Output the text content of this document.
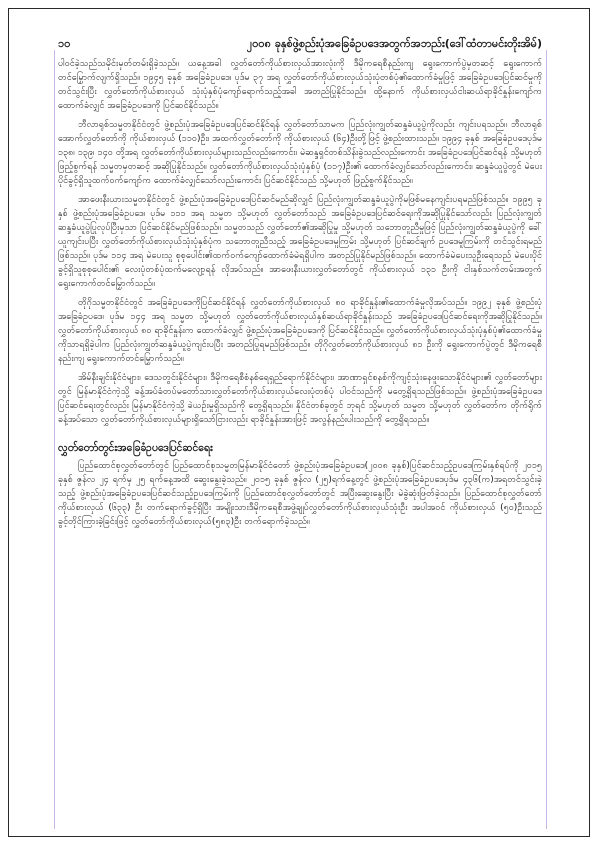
၁၀	၂၀၀၈ ခုနှစ်ဖွဲ့စည်းပုံအခြေခံဥပဒေအတွက်အဘည်း(ဒေါ်ထံတာမင်းတိုးအိမ်)

ပါဝင်ခဲ့သည်သမိုင်းမှတ်တမ်းရှိခဲ့သည်။ ယနေ့အခါ လွှတ်တော်ကိုယ်စားလှယ်အားလုံးကို ဒီမိုကရေစီနည်းကျ ရွေးကောက်ပွဲမှတဆင့် ရွေးကောက်တင်မြှောက်လျက်ရှိသည်။ ၁၉၄၅ ခုနှစ် အခြေခံဥပဒေ၊ ပုဒ်မ ၃၇ အရ လွှတ်တော်ကိုယ်စားလှယ်သုံးပုံတစ်ပုံ၏ထောက်ခံမှုဖြင့် အခြေခံဥပဒေပြင်ဆင်မှုကိုတင်သွင်းပြီး လွှတ်တော်ကိုယ်စားလှယ် သုံးပုံနှစ်ပုံကျော်ရောက်သည့်အခါ အတည်ပြုနိုင်သည်။ ထို့နောက် ကိုယ်စားလှယ်ငါးဆယ်ရာခိုင်နှုန်းကျော်က ထောက်ခံလျှင် အခြေခံဥပဒေကို ပြင်ဆင်နိုင်သည်။

ဘီလာရုစ်သမ္မတနိုင်ငံတွင် ဖွဲ့စည်းပုံအခြေခံဥပဒေပြင်ဆင်နိုင်ရန် လွှတ်တော်သာမက ပြည်လုံးကျွတ်ဆန္ဒခံယူပွဲကိုလည်း ကျင်းပရသည်။ ဘီလာရုစ်အောက်လွှတ်တော်ကို ကိုယ်စားလှယ် (၁၁၀)ဦး၊ အထက်လွှတ်တော်ကို ကိုယ်စားလှယ် (၆၄)ဦးတို့ဖြင့် ဖွဲ့စည်းထားသည်။ ၁၉၉၄ ခုနှစ် အခြေခံဥပဒေပုဒ်မ ၁၃၈၊ ၁၃၉၊ ၁၄၀ တို့အရ လွှတ်တော်ကိုယ်စားလှယ်များသည်လည်းကောင်း၊ မဲဆန္ဒရှင်တစ်သိန်းခွဲသည်လည်းကောင်း အခြေခံဥပဒေပြင်ဆင်ရန် သို့မဟုတ် ဖြည့်စွက်ရန် သမ္မတမှတဆင့် အဆိုပြုနိုင်သည်။ လွှတ်တော်ကိုယ်စားလှယ်သုံးပုံနှစ်ပုံ (၁၁၇)ဦး၏ ထောက်ခံလျှင်သော်လည်းကောင်း၊ ဆန္ဒခံယူပွဲတွင် မဲပေးပိုင်ခွင့်ရှိသူထက်ဝက်ကျော်က ထောက်ခံလျှင်သော်လည်းကောင်း ပြင်ဆင်နိုင်သည် သို့မဟုတ် ဖြည့်စွက်နိုင်သည်။

အာဖေးနီးယားသမ္မတနိုင်ငံတွင် ဖွဲ့စည်းပုံအခြေခံဥပဒေပြင်ဆင်မည်ဆိုလျှင် ပြည်လုံးကျွတ်ဆန္ဒခံယူပွဲကိုမဖြစ်မနေကျင်းပရမည်ဖြစ်သည်။ ၁၉၉၅ ခုနှစ် ဖွဲ့စည်းပုံအခြေခံဥပဒေ၊ ပုဒ်မ ၁၁၁ အရ သမ္မတ သို့မဟုတ် လွှတ်တော်သည် အခြေခံဥပဒေပြင်ဆင်ရေးကိုအဆိုပြုနိုင်သော်လည်း ပြည်လုံးကျွတ်ဆန္ဒခံယူပွဲပြုလုပ်ပြီးမှသာ ပြင်ဆင်နိုင်မည်ဖြစ်သည်။ သမ္မတသည် လွှတ်တော်၏အဆိုပြုမှု သို့မဟုတ် သဘောတူညီမှုဖြင့် ပြည်လုံးကျွတ်ဆန္ဒခံယူပွဲကို ခေါ်ယူကျင်းပပြီး လွှတ်တော်ကိုယ်စားလှယ်သုံးပုံနှစ်ပုံက သဘောတူညီသည့် အခြေခံဥပဒေမူကြမ်း သို့မဟုတ် ပြင်ဆင်ချက် ဥပဒေမူကြမ်းကို တင်သွင်းရမည်ဖြစ်သည်။ ပုဒ်မ ၁၁၄ အရ မဲပေးသူ စုစုပေါင်း၏ထက်ဝက်ကျော်ထောက်ခံမဲရရှိပါက အတည်ပြုနိုင်မည်ဖြစ်သည်။ ထောက်ခံမဲပေးသူဦးရေသည် မဲပေးပိုင်ခွင့်ရှိသူစုစုပေါင်း၏ လေးပုံတစ်ပုံထက်မလျော့ရန် လိုအပ်သည်။ အာဖေးနီးယားလွှတ်တော်တွင် ကိုယ်စားလှယ် ၁၃၁ ဦးကို ငါးနှစ်သက်တမ်းအတွက် ရွေးကောက်တင်မြှောက်သည်။

တိုဂိုသမ္မတနိုင်ငံတွင် အခြေခံဥပဒေကိုပြင်ဆင်နိုင်ရန် လွှတ်တော်ကိုယ်စားလှယ် ၈၀ ရာခိုင်နှုန်း၏ထောက်ခံမှုလိုအပ်သည်။ ၁၉၉၂ ခုနှစ် ဖွဲ့စည်းပုံအခြေခံဥပဒေ၊ ပုဒ်မ ၁၄၄ အရ သမ္မတ သို့မဟုတ် လွှတ်တော်ကိုယ်စားလှယ်နှစ်ဆယ်ရာခိုင်နှုန်းသည် အခြေခံဥပဒေပြင်ဆင်ရေးကိုအဆိုပြုနိုင်သည်။ လွှတ်တော်ကိုယ်စားလှယ် ၈၀ ရာခိုင်နှုန်းက ထောက်ခံလျှင် ဖွဲ့စည်းပုံအခြေခံဥပဒေကို ပြင်ဆင်နိုင်သည်။ လွှတ်တော်ကိုယ်စားလှယ်သုံးပုံနှစ်ပုံ၏ထောက်ခံမှုကိုသာရရှိခဲ့ပါက ပြည်လုံးကျွတ်ဆန္ဒခံယူပွဲကျင်းပပြီး အတည်ပြုရမည်ဖြစ်သည်။ တိုဂိုလွှတ်တော်ကိုယ်စားလှယ် ၈၁ ဦးကို ရွေးကောက်ပွဲတွင် ဒီမိုကရေစီနည်းကျ ရွေးကောက်တင်မြှောက်သည်။

အိမ်နီးချင်းနိုင်ငံများ၊ ဒေသတွင်းနိုင်ငံများ၊ ဒီမိုကရေစီစံနစ်ရေရှည်ရောက်နိုင်ငံများ၊ အာဏာရှင်စနစ်ကိုကျင့်သုံးနေဖူးသောနိုင်ငံများ၏ လွှတ်တော်များတွင် မြန်မာနိုင်ငံကဲ့သို့ ခန့်အပ်ခံတပ်မတော်သားလွှတ်တော်ကိုယ်စားလှယ်လေးပုံတစ်ပုံ ပါဝင်သည်ကို မတွေ့ရှိရသည်ဖြစ်သည်။ ဖွဲ့စည်းပုံအခြေခံဥပဒေပြင်ဆင်ရေးတွင်လည်း မြန်မာနိုင်ငံကဲ့သို့ ခဲယဉ်းမှုရှိသည်ကို တွေ့ရှိရသည်။ နိုင်ငံတစ်ခုတွင် ဘုရင် သို့မဟုတ် သမ္မတ သို့မဟုတ် လွှတ်တော်က တိုက်ရိုက်ခန့်အပ်သော လွှတ်တော်ကိုယ်စားလှယ်များရှိသော်ငြားလည်း ရာခိုင်နှုန်းအားဖြင့် အလွန်နည်းပါးသည်ကို တွေ့ရှိရသည်။

လွှတ်တော်တွင်းအခြေခံဥပဒေပြင်ဆင်ရေး

ပြည်ထောင်စုလွှတ်တော်တွင် ပြည်ထောင်စုသမ္မတမြန်မာနိုင်ငံတော် ဖွဲ့စည်းပုံအခြေခံဥပဒေ(၂၀၀၈ ခုနှစ်)ပြင်ဆင်သည့်ဥပဒေကြမ်းနှစ်ရပ်ကို ၂၀၁၅ ခုနှစ် ဇွန်လ ၂၄ ရက်မှ ၂၅ ရက်နေ့အထိ ဆွေးနွေးခဲ့သည်။ ၂၀၁၅ ခုနှစ် ဇွန်လ (၂၅)ရက်နေ့တွင် ဖွဲ့စည်းပုံအခြေခံဥပဒေပုဒ်မ ၄၃၆(က)အရတင်သွင်းခဲ့သည့် ဖွဲ့စည်းပုံအခြေခံဥပဒေပြင်ဆင်သည့်ဥပဒေကြမ်းကို ပြည်ထောင်စုလွှတ်တော်တွင် အပြီးဆွေးနွေးပြီး မဲခွဲဆုံးဖြတ်ခဲ့သည်။ ပြည်ထောင်စုလွှတ်တော်ကိုယ်စားလှယ် (၆၃၃) ဦး တက်ရောက်ခွင့်ရှိပြီး အမျိုးသားဒီမိုကရေစီအဖွဲ့ချုပ်လွှတ်တော်ကိုယ်စားလှယ်သုံးဦး အပါအဝင် ကိုယ်စားလှယ် (၅၀)ဦးသည် ခွင့်တိုင်ကြားခဲ့ခြင်းဖြင့် လွှတ်တော်ကိုယ်စားလှယ်(၅၈၃)ဦး တက်ရောက်ခဲ့သည်။
